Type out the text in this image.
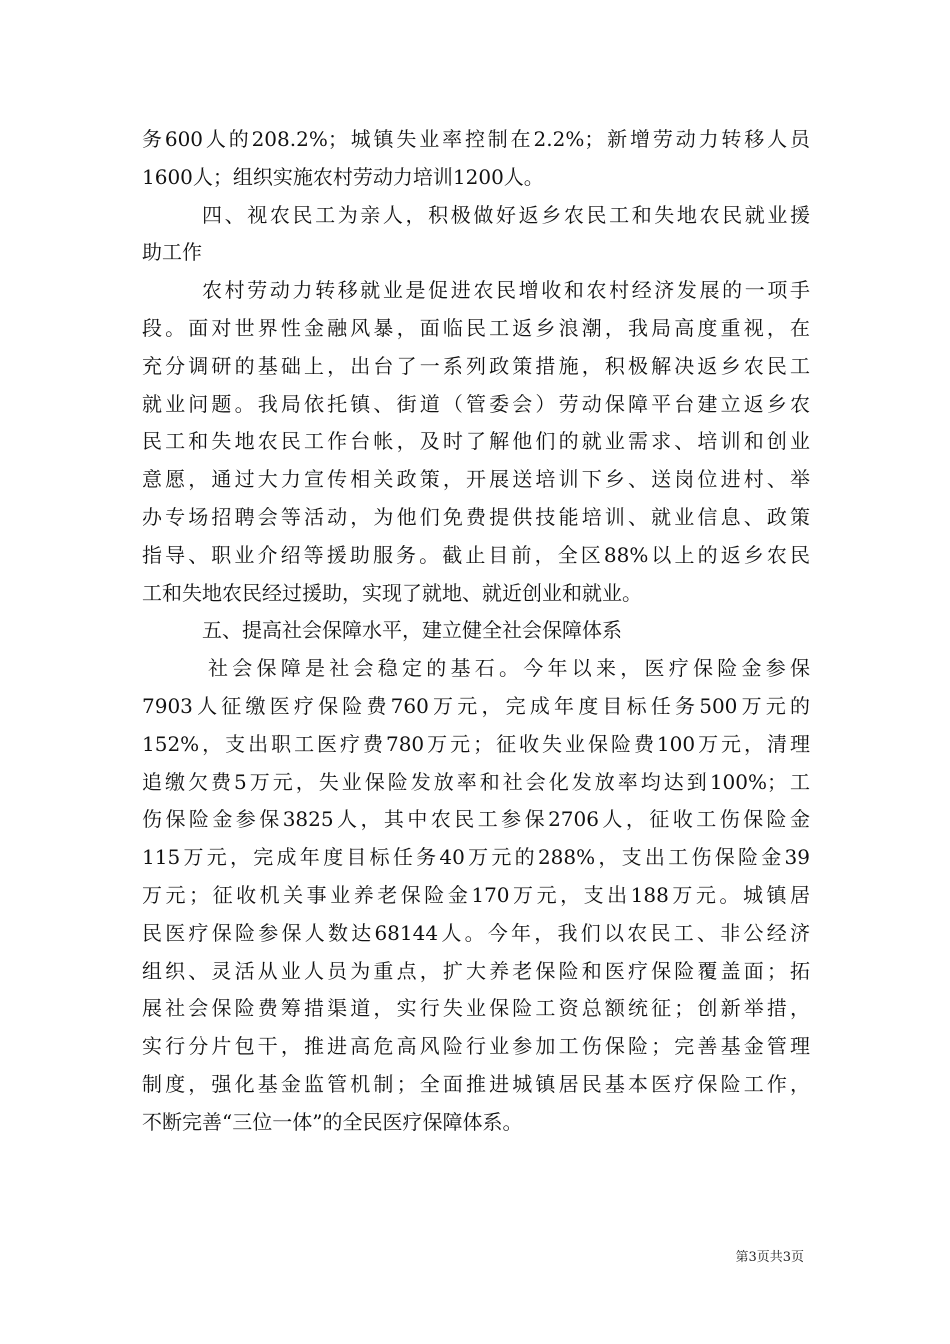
务600人的208.2%；城镇失业率控制在2.2%；新增劳动力转移人员
1600人；组织实施农村劳动力培训1200人。
四、视农民工为亲人，积极做好返乡农民工和失地农民就业援
助工作
农村劳动力转移就业是促进农民增收和农村经济发展的一项手
段。面对世界性金融风暴，面临民工返乡浪潮，我局高度重视，在
充分调研的基础上，出台了一系列政策措施，积极解决返乡农民工
就业问题。我局依托镇、街道（管委会）劳动保障平台建立返乡农
民工和失地农民工作台帐，及时了解他们的就业需求、培训和创业
意愿，通过大力宣传相关政策，开展送培训下乡、送岗位进村、举
办专场招聘会等活动，为他们免费提供技能培训、就业信息、政策
指导、职业介绍等援助服务。截止目前，全区88%以上的返乡农民
工和失地农民经过援助，实现了就地、就近创业和就业。
五、提高社会保障水平，建立健全社会保障体系
社会保障是社会稳定的基石。今年以来，医疗保险金参保
7903人征缴医疗保险费760万元，完成年度目标任务500万元的
152%，支出职工医疗费780万元；征收失业保险费100万元，清理
追缴欠费5万元，失业保险发放率和社会化发放率均达到100%；工
伤保险金参保3825人，其中农民工参保2706人，征收工伤保险金
115万元，完成年度目标任务40万元的288%，支出工伤保险金39
万元；征收机关事业养老保险金170万元，支出188万元。城镇居
民医疗保险参保人数达68144人。今年，我们以农民工、非公经济
组织、灵活从业人员为重点，扩大养老保险和医疗保险覆盖面；拓
展社会保险费筹措渠道，实行失业保险工资总额统征；创新举措，
实行分片包干，推进高危高风险行业参加工伤保险；完善基金管理
制度，强化基金监管机制；全面推进城镇居民基本医疗保险工作，
不断完善“三位一体”的全民医疗保障体系。
第3页共3页
